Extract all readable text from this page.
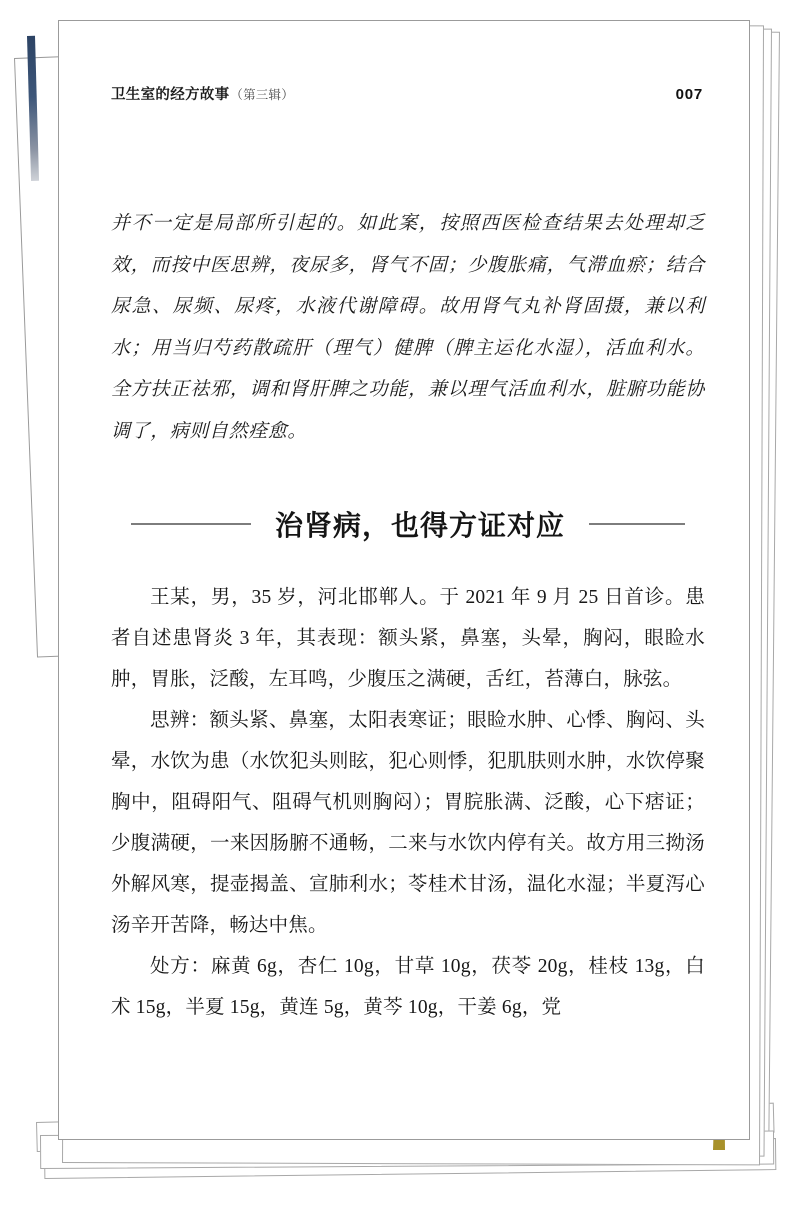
卫生室的经方故事（第三辑）	007

并不一定是局部所引起的。如此案，按照西医检查结果去处理却乏效，而按中医思辨，夜尿多，肾气不固；少腹胀痛，气滞血瘀；结合尿急、尿频、尿疼，水液代谢障碍。故用肾气丸补肾固摄，兼以利水；用当归芍药散疏肝（理气）健脾（脾主运化水湿），活血利水。全方扶正祛邪，调和肾肝脾之功能，兼以理气活血利水，脏腑功能协调了，病则自然痊愈。

治肾病，也得方证对应

王某，男，35 岁，河北邯郸人。于 2021 年 9 月 25 日首诊。患者自述患肾炎 3 年，其表现：额头紧，鼻塞，头晕，胸闷，眼睑水肿，胃胀，泛酸，左耳鸣，少腹压之满硬，舌红，苔薄白，脉弦。

思辨：额头紧、鼻塞，太阳表寒证；眼睑水肿、心悸、胸闷、头晕，水饮为患（水饮犯头则眩，犯心则悸，犯肌肤则水肿，水饮停聚胸中，阻碍阳气、阻碍气机则胸闷）；胃脘胀满、泛酸，心下痞证；少腹满硬，一来因肠腑不通畅，二来与水饮内停有关。故方用三拗汤外解风寒，提壶揭盖、宣肺利水；苓桂术甘汤，温化水湿；半夏泻心汤辛开苦降，畅达中焦。

处方：麻黄 6g，杏仁 10g，甘草 10g，茯苓 20g，桂枝 13g，白术 15g，半夏 15g，黄连 5g，黄芩 10g，干姜 6g，党
